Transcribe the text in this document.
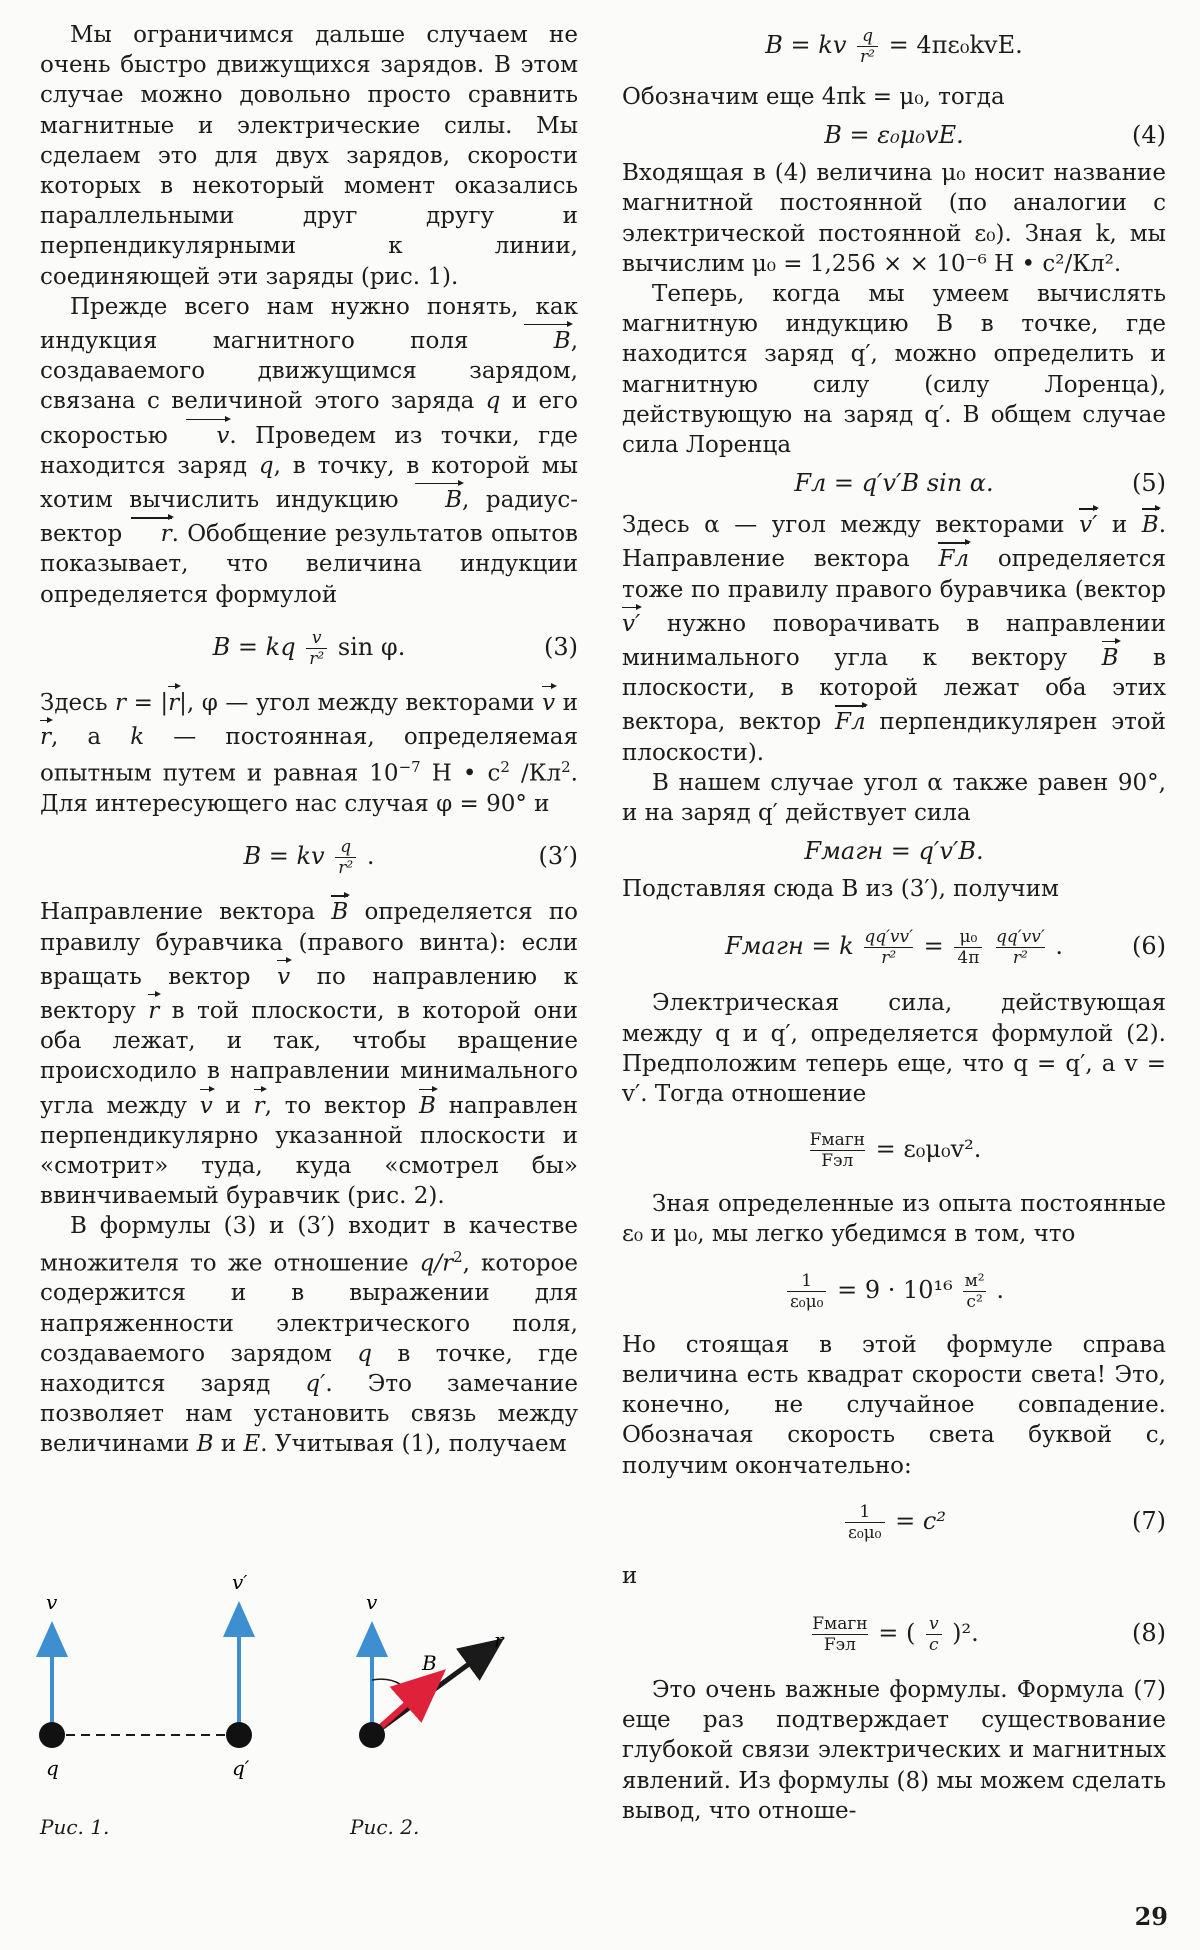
Мы ограничимся дальше случаем не очень быстро движущихся зарядов. В этом случае можно довольно просто сравнить магнитные и электрические силы. Мы сделаем это для двух зарядов, скорости которых в некоторый момент оказались параллельными друг другу и перпендикулярными к линии, соединяющей эти заряды (рис. 1).

Прежде всего нам нужно понять, как индукция магнитного поля B, создаваемого движущимся зарядом, связана с величиной этого заряда q и его скоростью v. Проведем из точки, где находится заряд q, в точку, в которой мы хотим вычислить индукцию B, радиус-вектор r. Обобщение результатов опытов показывает, что величина индукции определяется формулой

B = kq $\frac{v}{\text{r²}}$ sin φ.	(3)

Здесь r = |r|, φ — угол между векторами v и r, а k — постоянная, определяемая опытным путем и равная $10^{-7}$ Н • $с^2$ $/Кл^2$. Для интересующего нас случая φ = 90° и

B = kv $\frac{q}{\text{r²}}$ .	(3′)

Направление вектора B определяется по правилу буравчика (правого винта): если вращать вектор v по направлению к вектору r в той плоскости, в которой они оба лежат, и так, чтобы вращение происходило в направлении минимального угла между v и r, то вектор B направлен перпендикулярно указанной плоскости и «смотрит» туда, куда «смотрел бы» ввинчиваемый буравчик (рис. 2).

В формулы (3) и (3′) входит в качестве множителя то же отношение $q/r^2$, которое содержится и в выражении для напряженности электрического поля, создаваемого зарядом q в точке, где находится заряд q′. Это замечание позволяет нам установить связь между величинами B и E. Учитывая (1), получаем

v
v′
q	q′
v
B
r
Рис. 1.	Рис. 2.
B = kv $\frac{q}{\text{r²}} = 4\pi\varepsilon_0kvE$.

Обозначим еще 4πk = μ₀, тогда

B = ε₀μ₀vE.	(4)

Входящая в (4) величина μ₀ носит название магнитной постоянной (по аналогии с электрической постоянной ε₀). Зная k, мы вычислим μ₀ = 1,256 × × 10⁻⁶ Н • с²/Кл².

Теперь, когда мы умеем вычислять магнитную индукцию B в точке, где находится заряд q′, можно определить и магнитную силу (силу Лоренца), действующую на заряд q′. В общем случае сила Лоренца

Fл = q′v′B sin α.	(5)

Здесь α — угол между векторами v′ и B. Направление вектора Fл определяется тоже по правилу правого буравчика (вектор v′ нужно поворачивать в направлении минимального угла к вектору B в плоскости, в которой лежат оба этих вектора, вектор Fл перпендикулярен этой плоскости).

В нашем случае угол α также равен 90°, и на заряд q′ действует сила

Fмагн = q′v′B.

Подставляя сюда B из (3′), получим

Fмагн = k $\frac{qq'vv'}{\text{r²}} = \frac{\text{μ₀}}{4\pi}$
$\frac{qq'vv'}{\text{r²}}$ .	(6)

Электрическая сила, действующая между q и q′, определяется формулой (2). Предположим теперь еще, что q = q′, а v = v′. Тогда отношение

$\frac{\text{Fмагн}}{\text{Fэл}} = \varepsilon_0\mu_0v^2$.

Зная определенные из опыта постоянные ε₀ и μ₀, мы легко убедимся в том, что

$\frac{1}{\text{ε₀μ₀}} = 9 \cdot 10^{16} \frac{\text{м²}}{\text{с²}}$ .

Но стоящая в этой формуле справа величина есть квадрат скорости света! Это, конечно, не случайное совпадение. Обозначая скорость света буквой c, получим окончательно:

$\frac{1}{\text{ε₀μ₀}} = c^2$	(7)

и

$\frac{\text{Fмагн}}{\text{Fэл}}$ = ( $\frac{v}{c} )^2$.	(8)

Это очень важные формулы. Формула (7) еще раз подтверждает существование глубокой связи электрических и магнитных явлений. Из формулы (8) мы можем сделать вывод, что отноше-

29
